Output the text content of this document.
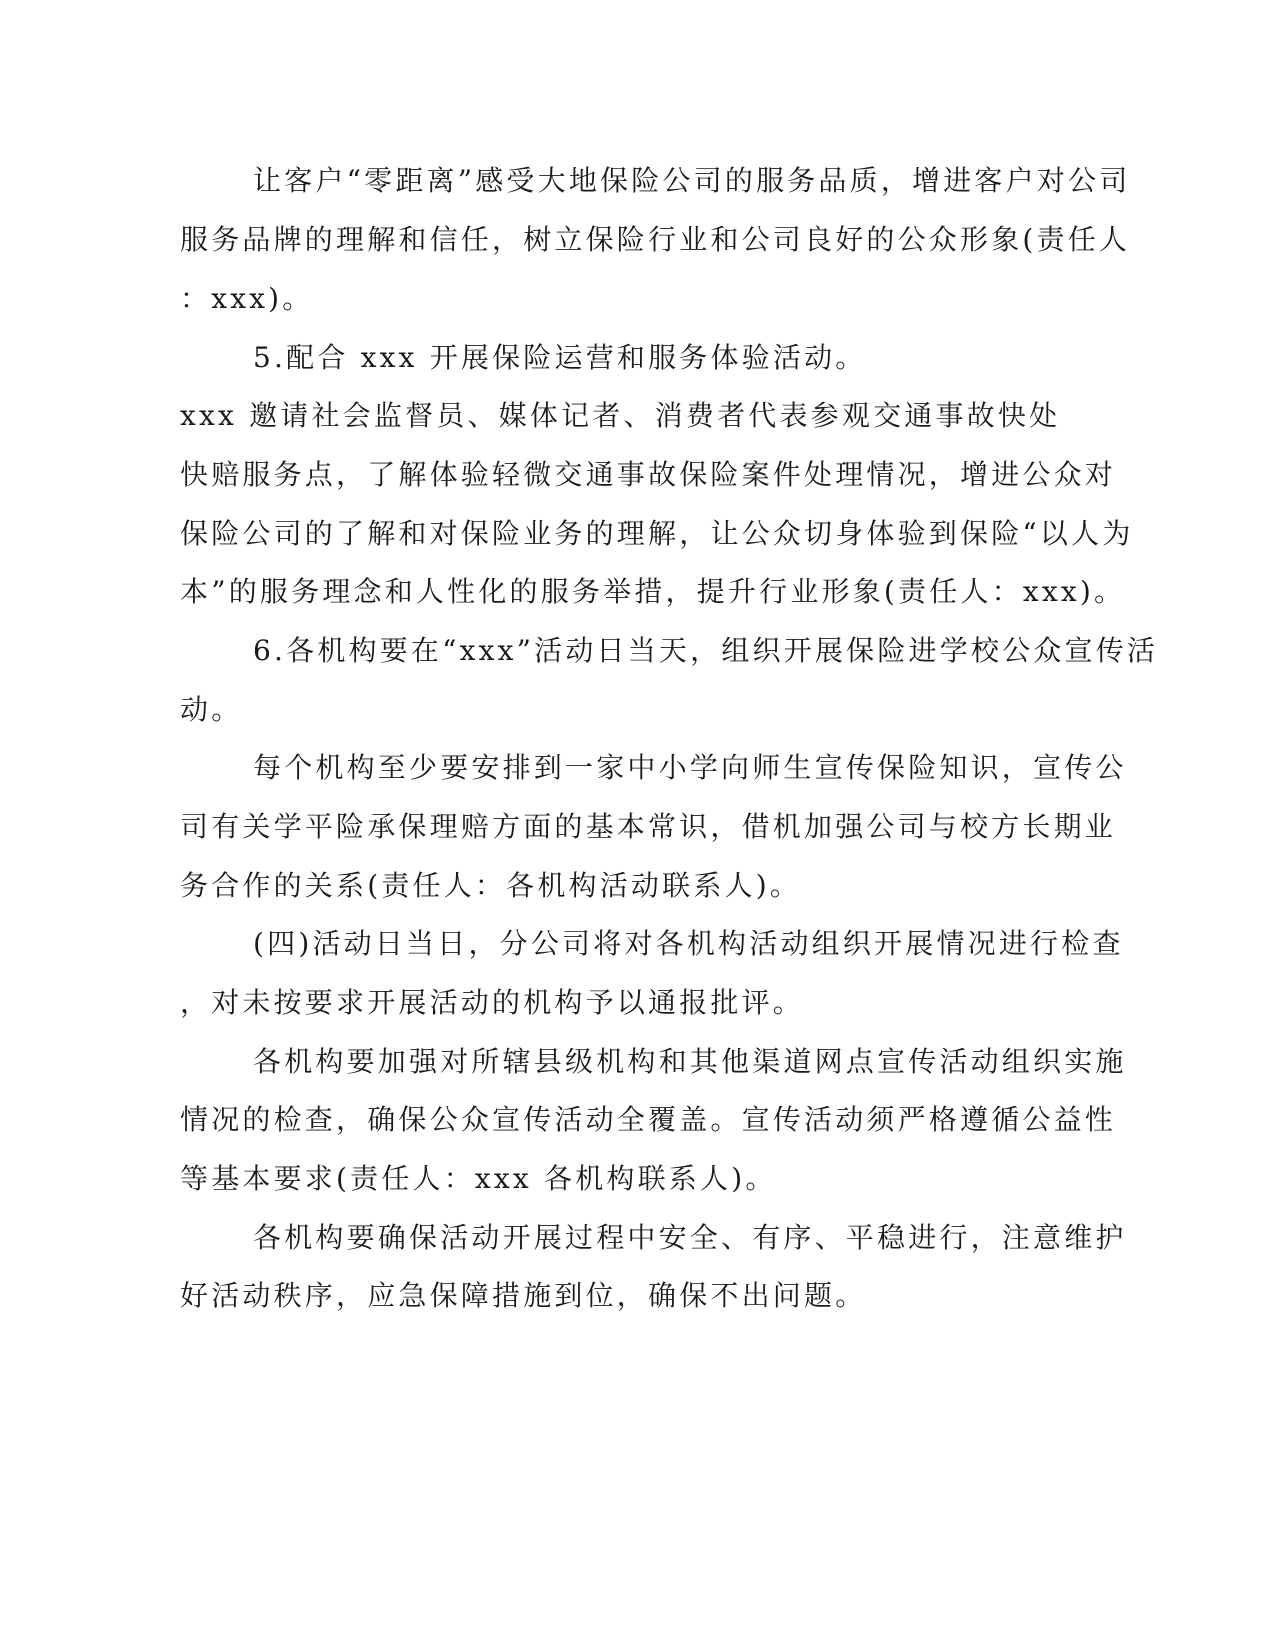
让客户“零距离”感受大地保险公司的服务品质，增进客户对公司
服务品牌的理解和信任，树立保险行业和公司良好的公众形象(责任人
：xxx)。
5.配合 xxx 开展保险运营和服务体验活动。
xxx 邀请社会监督员、媒体记者、消费者代表参观交通事故快处
快赔服务点，了解体验轻微交通事故保险案件处理情况，增进公众对
保险公司的了解和对保险业务的理解，让公众切身体验到保险“以人为
本”的服务理念和人性化的服务举措，提升行业形象(责任人：xxx)。
6.各机构要在“xxx”活动日当天，组织开展保险进学校公众宣传活
动。
每个机构至少要安排到一家中小学向师生宣传保险知识，宣传公
司有关学平险承保理赔方面的基本常识，借机加强公司与校方长期业
务合作的关系(责任人：各机构活动联系人)。
(四)活动日当日，分公司将对各机构活动组织开展情况进行检查
，对未按要求开展活动的机构予以通报批评。
各机构要加强对所辖县级机构和其他渠道网点宣传活动组织实施
情况的检查，确保公众宣传活动全覆盖。宣传活动须严格遵循公益性
等基本要求(责任人：xxx 各机构联系人)。
各机构要确保活动开展过程中安全、有序、平稳进行，注意维护
好活动秩序，应急保障措施到位，确保不出问题。
